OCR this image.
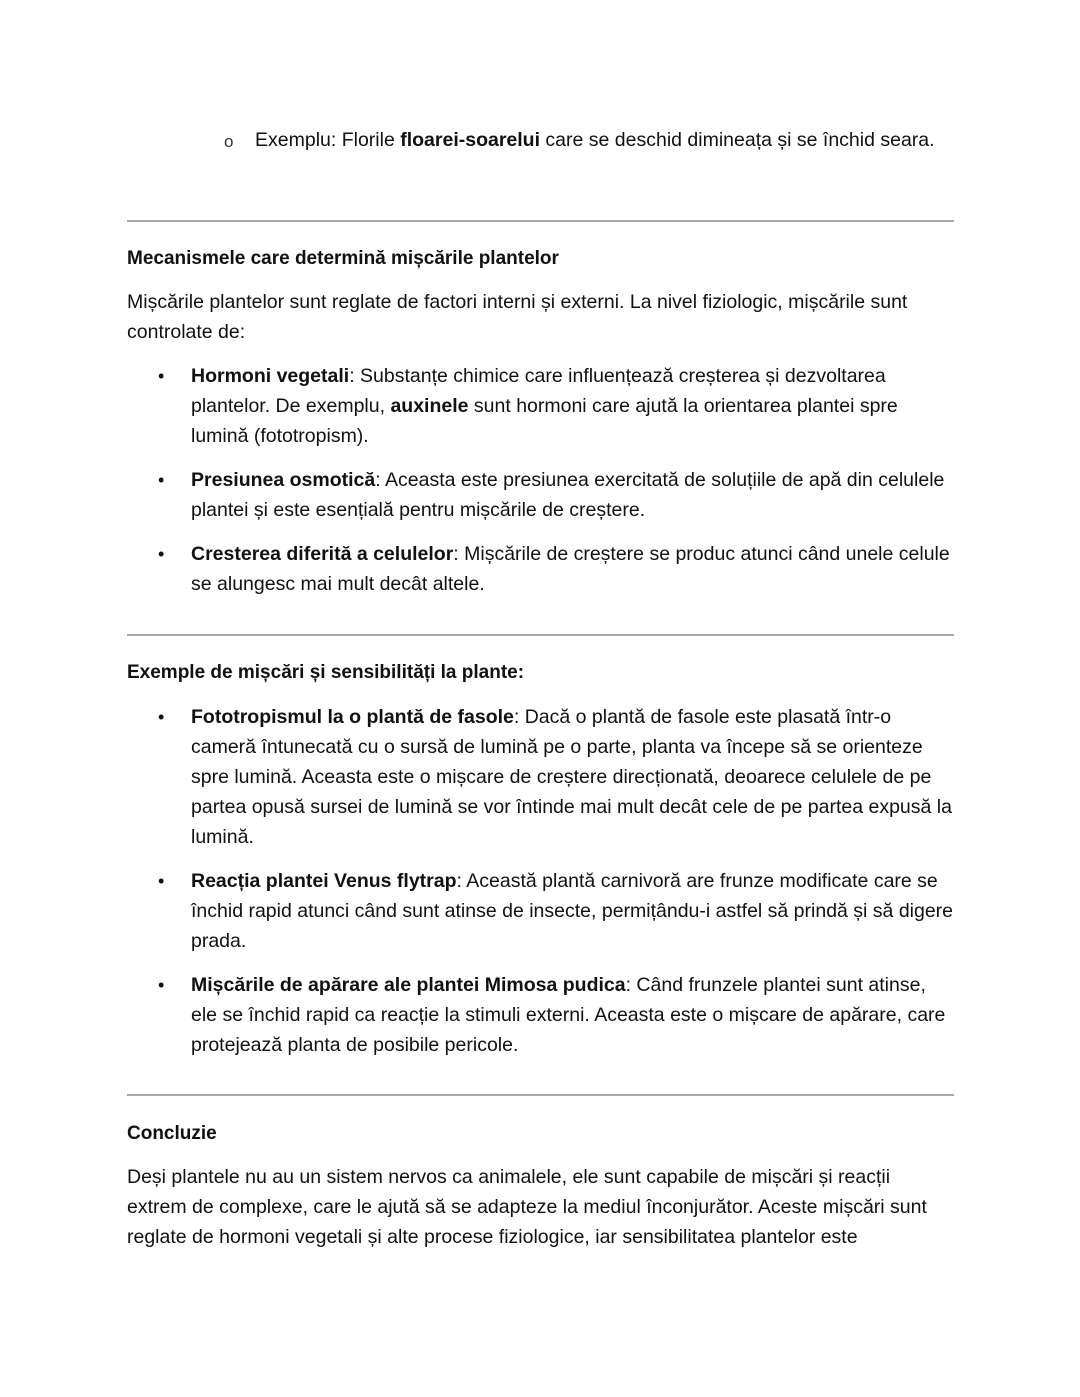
o Exemplu: Florile floarei-soarelui care se deschid dimineața și se închid seara.
Mecanismele care determină mișcările plantelor
Mișcările plantelor sunt reglate de factori interni și externi. La nivel fiziologic, mișcările sunt controlate de:
• Hormoni vegetali: Substanțe chimice care influențează creșterea și dezvoltarea plantelor. De exemplu, auxinele sunt hormoni care ajută la orientarea plantei spre lumină (fototropism).
• Presiunea osmotică: Aceasta este presiunea exercitată de soluțiile de apă din celulele plantei și este esențială pentru mișcările de creștere.
• Cresterea diferită a celulelor: Mișcările de creștere se produc atunci când unele celule se alungesc mai mult decât altele.
Exemple de mișcări și sensibilități la plante:
• Fototropismul la o plantă de fasole: Dacă o plantă de fasole este plasată într-o cameră întunecată cu o sursă de lumină pe o parte, planta va începe să se orienteze spre lumină. Aceasta este o mișcare de creștere direcționată, deoarece celulele de pe partea opusă sursei de lumină se vor întinde mai mult decât cele de pe partea expusă la lumină.
• Reacția plantei Venus flytrap: Această plantă carnivoră are frunze modificate care se închid rapid atunci când sunt atinse de insecte, permițându-i astfel să prindă și să digere prada.
• Mișcările de apărare ale plantei Mimosa pudica: Când frunzele plantei sunt atinse, ele se închid rapid ca reacție la stimuli externi. Aceasta este o mișcare de apărare, care protejează planta de posibile pericole.
Concluzie
Deși plantele nu au un sistem nervos ca animalele, ele sunt capabile de mișcări și reacții extrem de complexe, care le ajută să se adapteze la mediul înconjurător. Aceste mișcări sunt reglate de hormoni vegetali și alte procese fiziologice, iar sensibilitatea plantelor este
